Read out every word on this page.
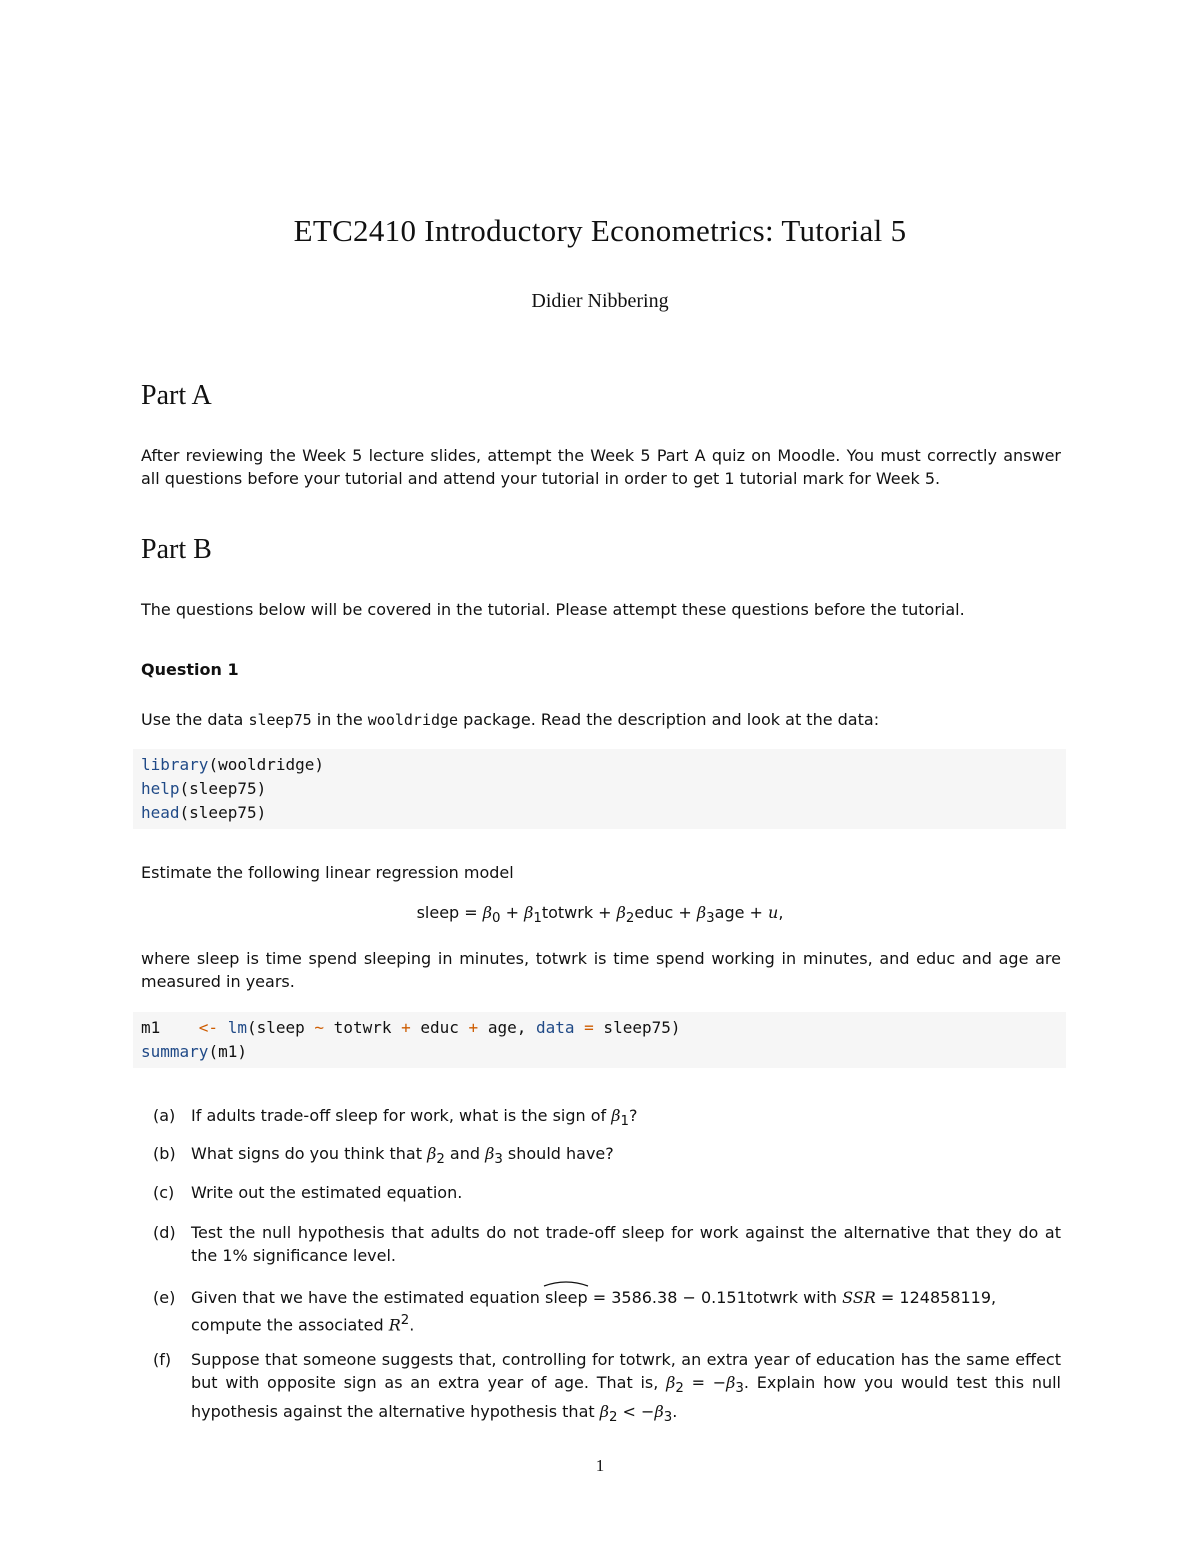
ETC2410 Introductory Econometrics: Tutorial 5
Didier Nibbering
Part A
After reviewing the Week 5 lecture slides, attempt the Week 5 Part A quiz on Moodle. You must correctly answer all questions before your tutorial and attend your tutorial in order to get 1 tutorial mark for Week 5.
Part B
The questions below will be covered in the tutorial. Please attempt these questions before the tutorial.
Question 1
Use the data sleep75 in the wooldridge package. Read the description and look at the data:
library(wooldridge)
help(sleep75)
head(sleep75)
Estimate the following linear regression model
sleep = $\beta_0$ + $\beta_1totwrk$ + $\beta_2educ + \beta_3age + u$,
where sleep is time spend sleeping in minutes, totwrk is time spend working in minutes, and educ and age are measured in years.
m1    <- lm(sleep ~ totwrk + educ + age, data = sleep75)
summary(m1)
(a) If adults trade-off sleep for work, what is the sign of $\beta_1$?
(b) What signs do you think that $\beta_2$ and $\beta_3$ should have?
(c) Write out the estimated equation.
(d) Test the null hypothesis that adults do not trade-off sleep for work against the alternative that they do at the 1% significance level.
(e) Given that we have the estimated equation
sleep = 3586.38 − 0.151totwrk with SSR = 124858119,
compute the associated $R^2$.
(f) Suppose that someone suggests that, controlling for totwrk, an extra year of education has the same effect but with opposite sign as an extra year of age. That is, $\beta_2 = -\beta_3$. Explain how you would test this null hypothesis against the alternative hypothesis that $\beta_2 < -\beta_3$.
1
